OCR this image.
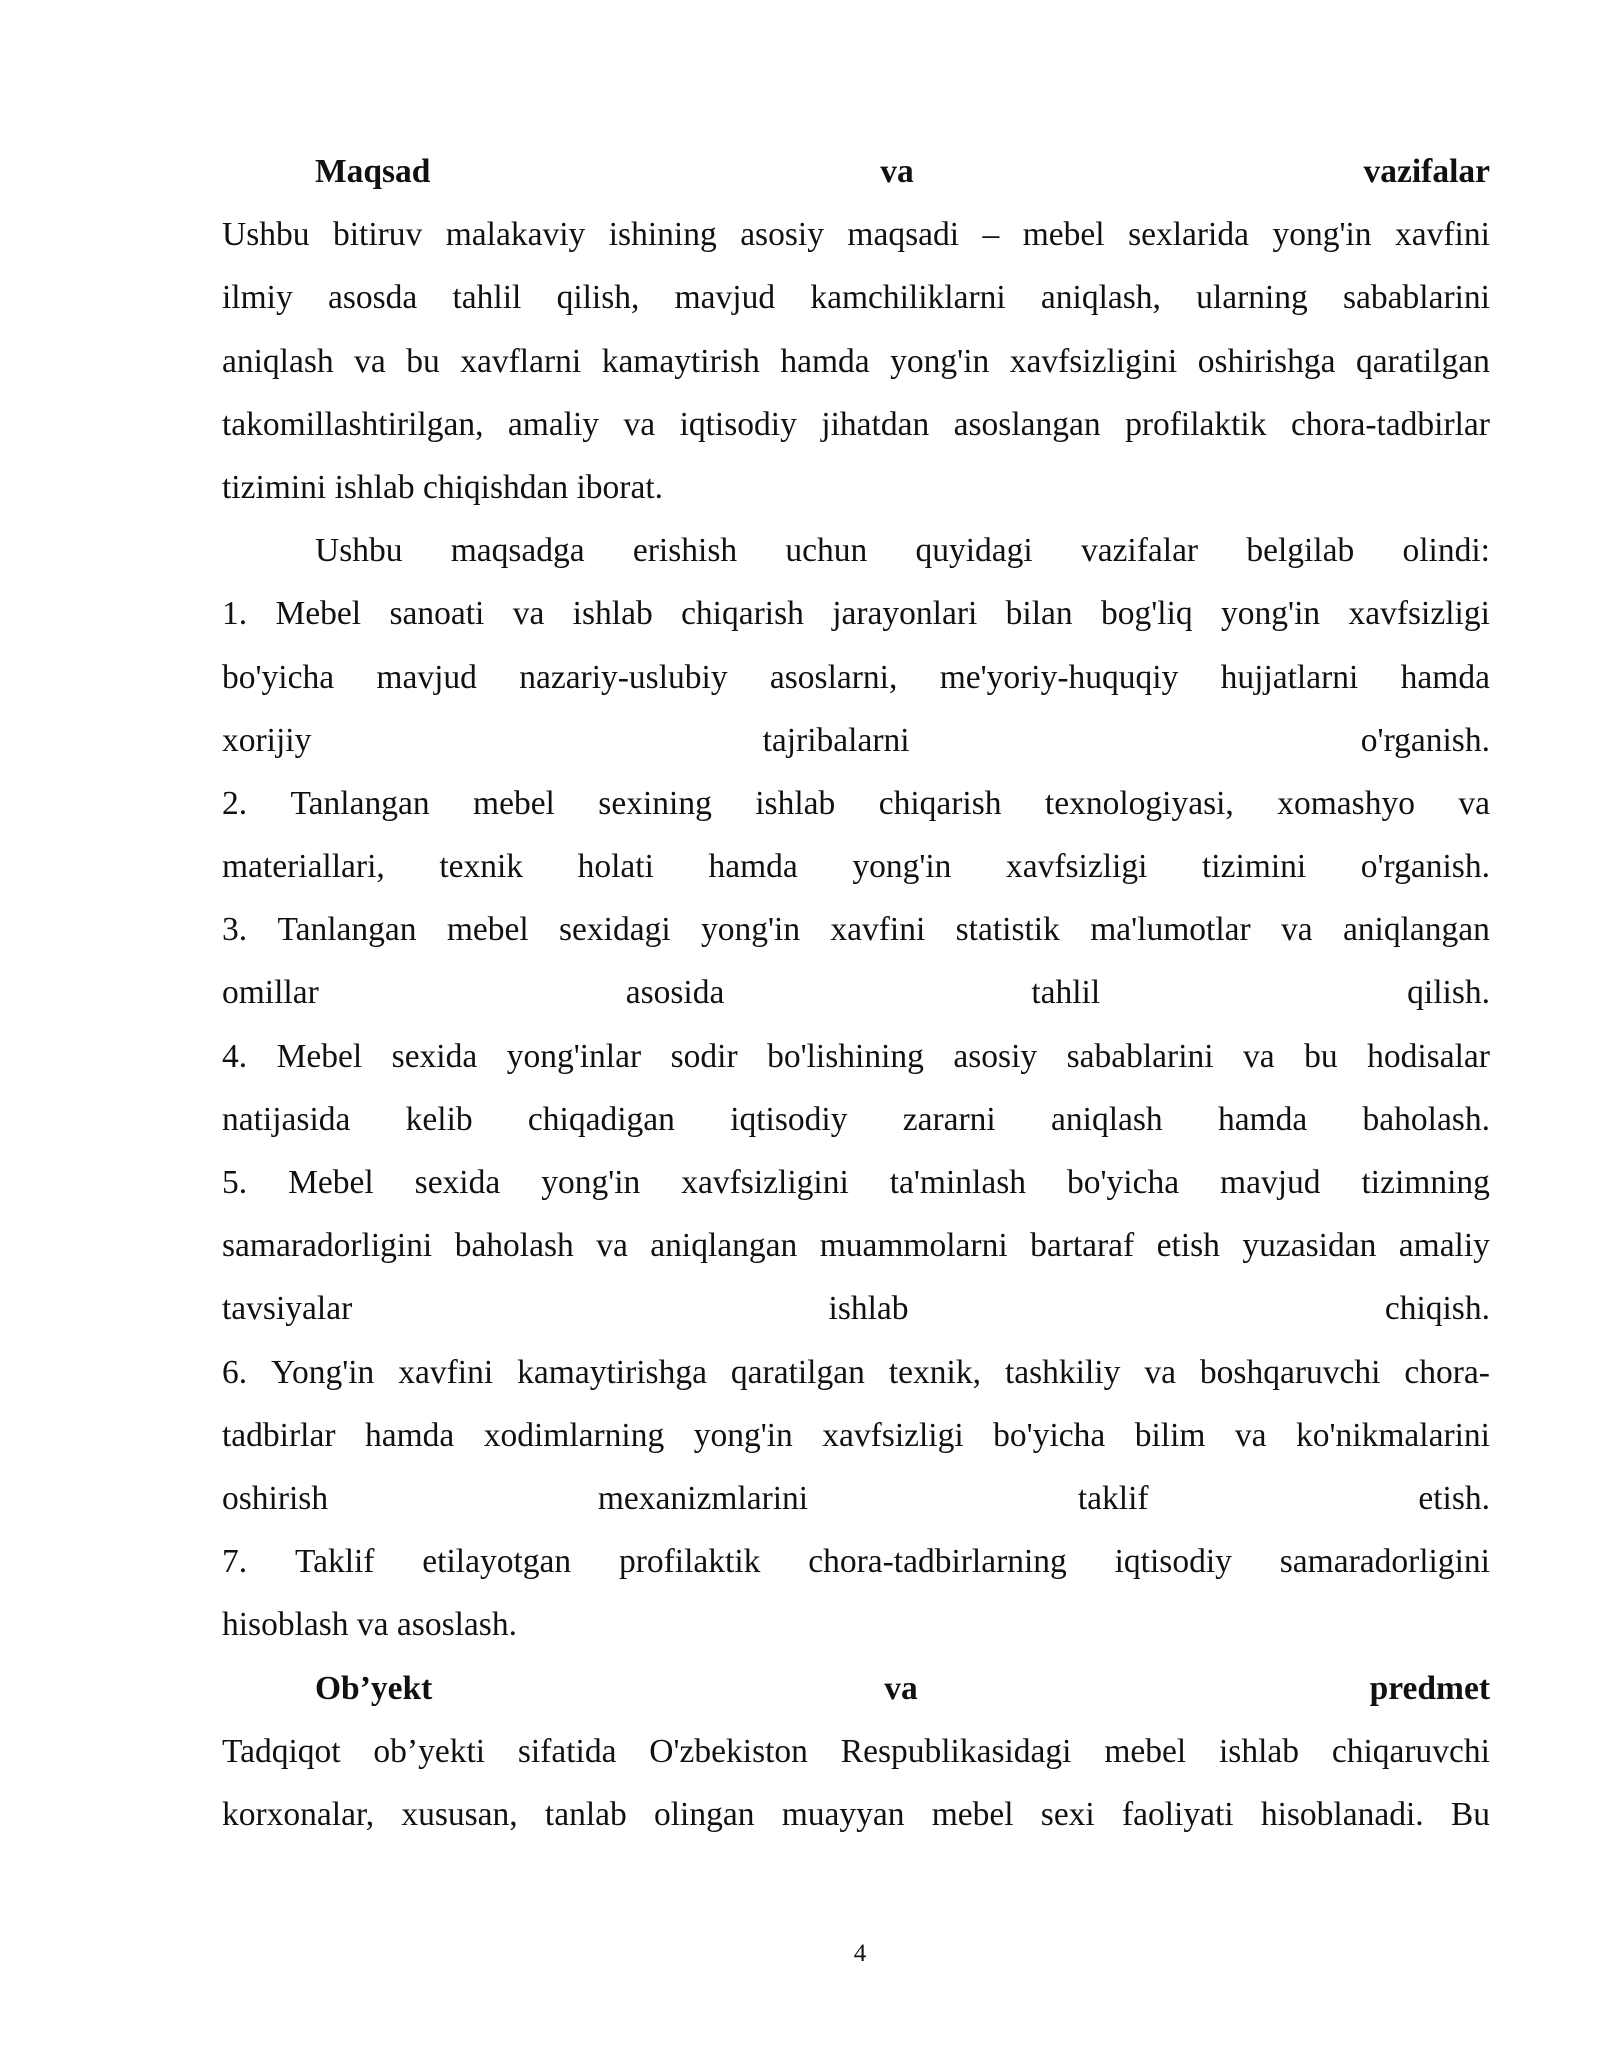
Maqsad	va	vazifalar
Ushbu bitiruv malakaviy ishining asosiy maqsadi – mebel sexlarida yong'in xavfini
ilmiy asosda tahlil qilish, mavjud kamchiliklarni aniqlash, ularning sabablarini
aniqlash va bu xavflarni kamaytirish hamda yong'in xavfsizligini oshirishga qaratilgan
takomillashtirilgan, amaliy va iqtisodiy jihatdan asoslangan profilaktik chora-tadbirlar
tizimini ishlab chiqishdan iborat.
Ushbu maqsadga erishish uchun quyidagi vazifalar belgilab olindi:
1. Mebel sanoati va ishlab chiqarish jarayonlari bilan bog'liq yong'in xavfsizligi
bo'yicha mavjud nazariy-uslubiy asoslarni, me'yoriy-huquqiy hujjatlarni hamda
xorijiy	tajribalarni	o'rganish.
2. Tanlangan mebel sexining ishlab chiqarish texnologiyasi, xomashyo va
materiallari, texnik holati hamda yong'in xavfsizligi tizimini o'rganish.
3. Tanlangan mebel sexidagi yong'in xavfini statistik ma'lumotlar va aniqlangan
omillar	asosida	tahlil	qilish.
4. Mebel sexida yong'inlar sodir bo'lishining asosiy sabablarini va bu hodisalar
natijasida kelib chiqadigan iqtisodiy zararni aniqlash hamda baholash.
5. Mebel sexida yong'in xavfsizligini ta'minlash bo'yicha mavjud tizimning
samaradorligini baholash va aniqlangan muammolarni bartaraf etish yuzasidan amaliy
tavsiyalar	ishlab	chiqish.
6. Yong'in xavfini kamaytirishga qaratilgan texnik, tashkiliy va boshqaruvchi chora-
tadbirlar hamda xodimlarning yong'in xavfsizligi bo'yicha bilim va ko'nikmalarini
oshirish	mexanizmlarini	taklif	etish.
7. Taklif etilayotgan profilaktik chora-tadbirlarning iqtisodiy samaradorligini
hisoblash va asoslash.
Ob’yekt	va	predmet
Tadqiqot ob’yekti sifatida O'zbekiston Respublikasidagi mebel ishlab chiqaruvchi
korxonalar, xususan, tanlab olingan muayyan mebel sexi faoliyati hisoblanadi. Bu
4
